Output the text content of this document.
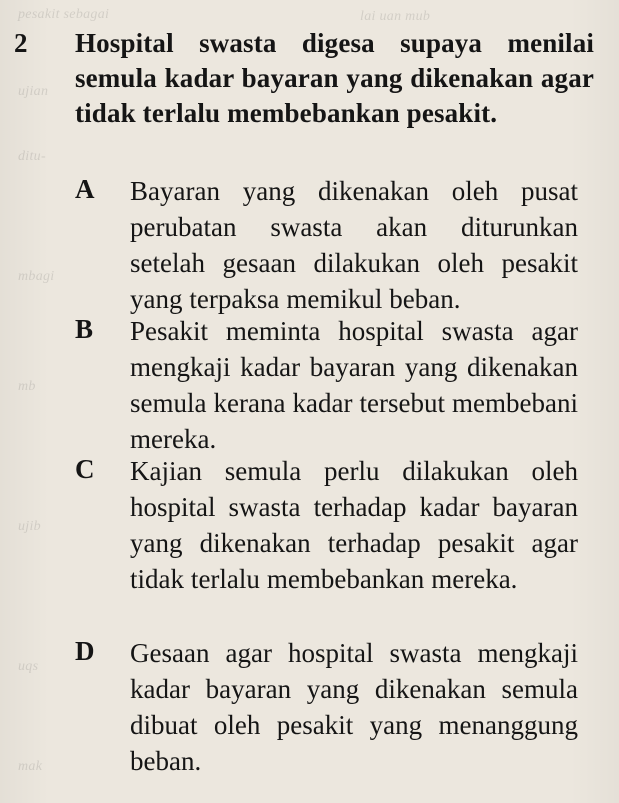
pesakit sebagai	lai uan mub
ujian
ditu-
mbagi
mb
ujib
uqs
mak
2 Hospital swasta digesa supaya menilai semula kadar bayaran yang dikenakan agar tidak terlalu membebankan pesakit.

A Bayaran yang dikenakan oleh pusat perubatan swasta akan diturunkan setelah gesaan dilakukan oleh pesakit yang terpaksa memikul beban.

B Pesakit meminta hospital swasta agar mengkaji kadar bayaran yang dikenakan semula kerana kadar tersebut membebani mereka.

C Kajian semula perlu dilakukan oleh hospital swasta terhadap kadar bayaran yang dikenakan terhadap pesakit agar tidak terlalu membebankan mereka.

D Gesaan agar hospital swasta mengkaji kadar bayaran yang dikenakan semula dibuat oleh pesakit yang menanggung beban.
